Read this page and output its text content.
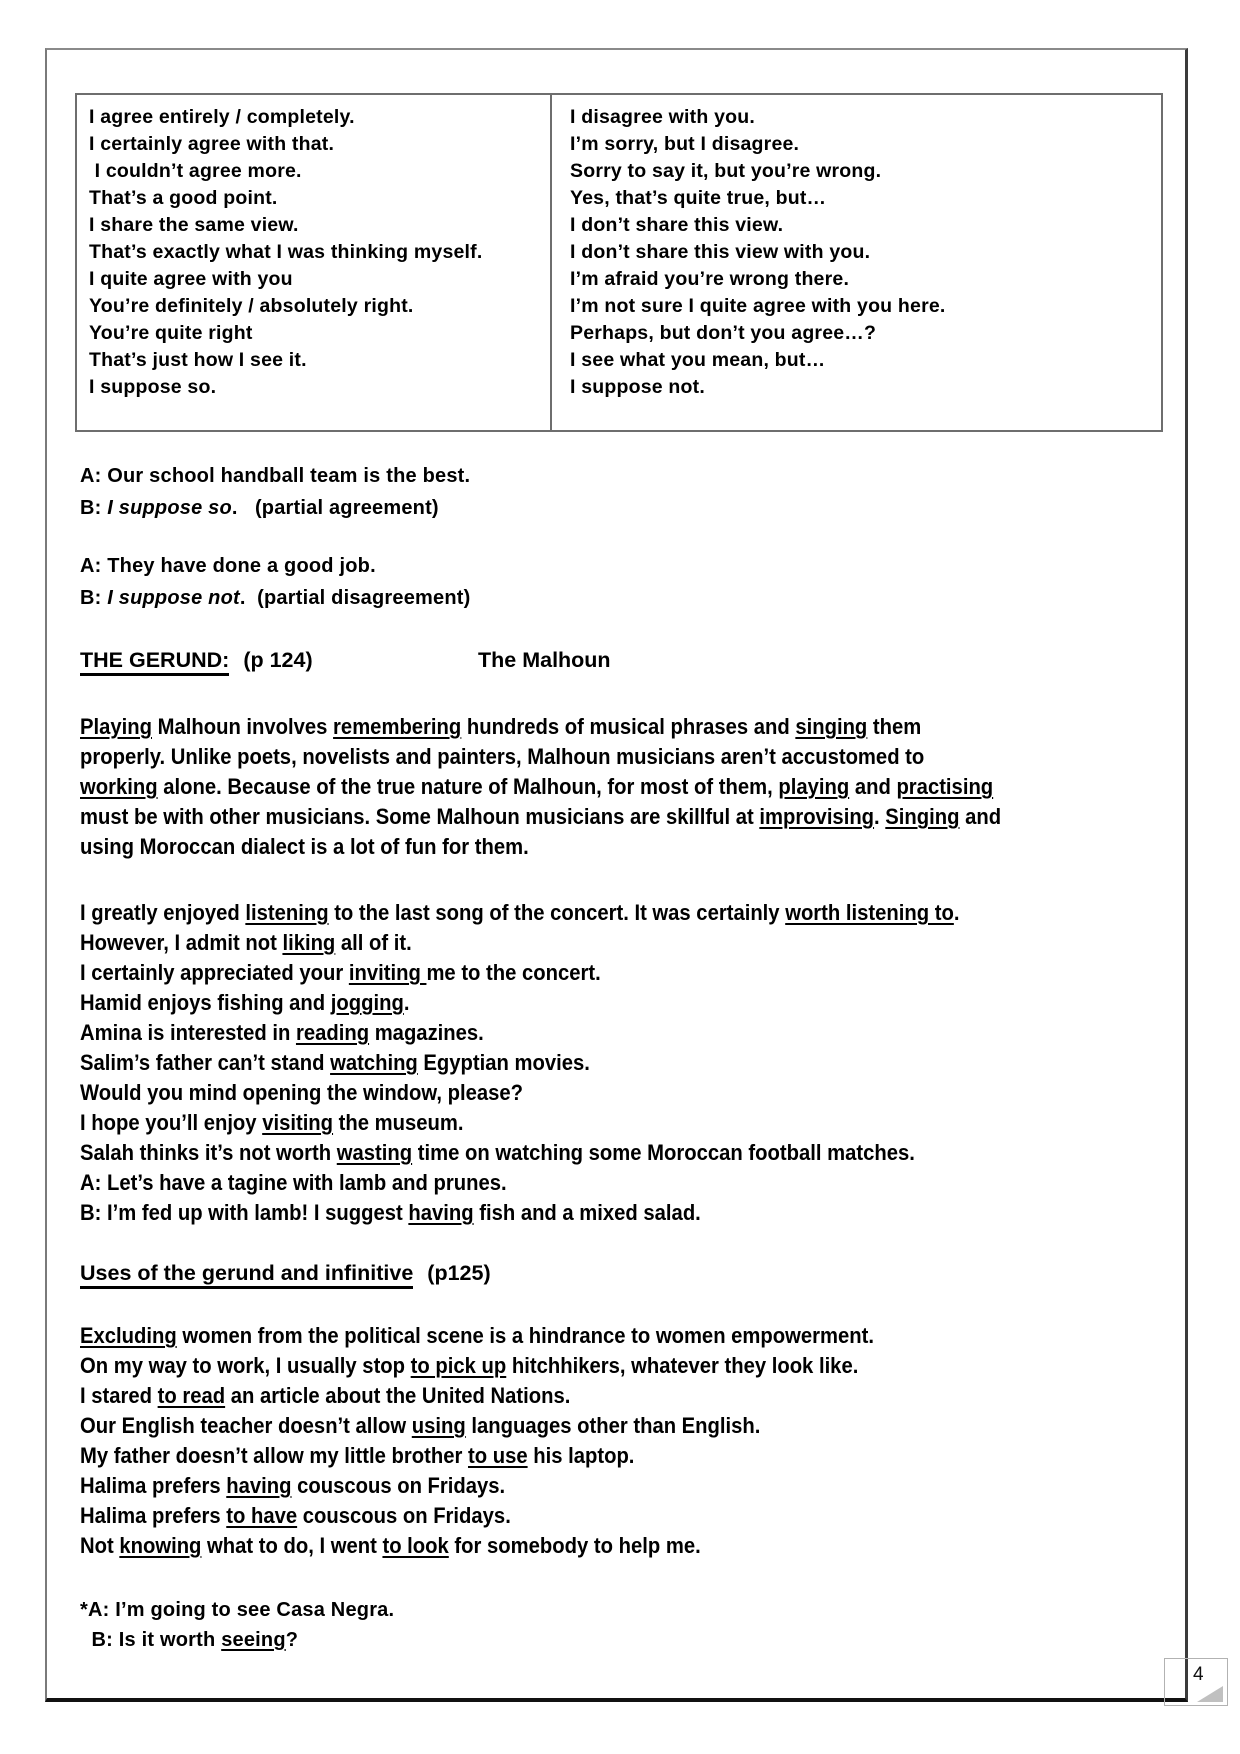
I agree entirely / completely.
I certainly agree with that.
I couldn’t agree more.
That’s a good point.
I share the same view.
That’s exactly what I was thinking myself.
I quite agree with you
You’re definitely / absolutely right.
You’re quite right
That’s just how I see it.
I suppose so.
I disagree with you.
I’m sorry, but I disagree.
Sorry to say it, but you’re wrong.
Yes, that’s quite true, but…
I don’t share this view.
I don’t share this view with you.
I’m afraid you’re wrong there.
I’m not sure I quite agree with you here.
Perhaps, but don’t you agree…?
I see what you mean, but…
I suppose not.
A: Our school handball team is the best.
B: I suppose so.   (partial agreement)
A: They have done a good job.
B: I suppose not.  (partial disagreement)
THE GERUND: (p 124)	The Malhoun
Playing Malhoun involves remembering hundreds of musical phrases and singing them
properly. Unlike poets, novelists and painters, Malhoun musicians aren’t accustomed to
working alone. Because of the true nature of Malhoun, for most of them, playing and practising
must be with other musicians. Some Malhoun musicians are skillful at improvising. Singing and
using Moroccan dialect is a lot of fun for them.
I greatly enjoyed listening to the last song of the concert. It was certainly worth listening to.
However, I admit not liking all of it.
I certainly appreciated your inviting me to the concert.
Hamid enjoys fishing and jogging.
Amina is interested in reading magazines.
Salim’s father can’t stand watching Egyptian movies.
Would you mind opening the window, please?
I hope you’ll enjoy visiting the museum.
Salah thinks it’s not worth wasting time on watching some Moroccan football matches.
A: Let’s have a tagine with lamb and prunes.
B: I’m fed up with lamb! I suggest having fish and a mixed salad.
Uses of the gerund and infinitive (p125)
Excluding women from the political scene is a hindrance to women empowerment.
On my way to work, I usually stop to pick up hitchhikers, whatever they look like.
I stared to read an article about the United Nations.
Our English teacher doesn’t allow using languages other than English.
My father doesn’t allow my little brother to use his laptop.
Halima prefers having couscous on Fridays.
Halima prefers to have couscous on Fridays.
Not knowing what to do, I went to look for somebody to help me.
*A: I’m going to see Casa Negra.
B: Is it worth seeing?
4
